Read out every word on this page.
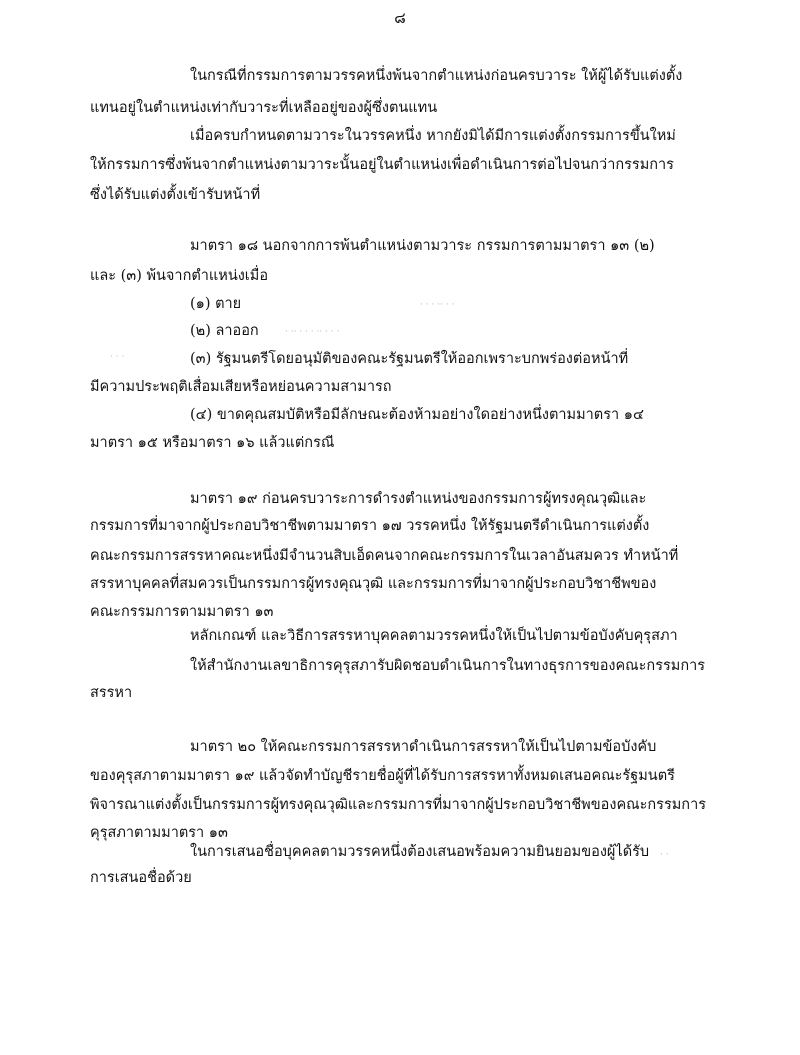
๘
ในกรณีที่กรรมการตามวรรคหนึ่งพ้นจากตำแหน่งก่อนครบวาระ ให้ผู้ได้รับแต่งตั้ง
แทนอยู่ในตำแหน่งเท่ากับวาระที่เหลืออยู่ของผู้ซึ่งตนแทน
เมื่อครบกำหนดตามวาระในวรรคหนึ่ง หากยังมิได้มีการแต่งตั้งกรรมการขึ้นใหม่
ให้กรรมการซึ่งพ้นจากตำแหน่งตามวาระนั้นอยู่ในตำแหน่งเพื่อดำเนินการต่อไปจนกว่ากรรมการ
ซึ่งได้รับแต่งตั้งเข้ารับหน้าที่
มาตรา ๑๘ นอกจากการพ้นตำแหน่งตามวาระ กรรมการตามมาตรา ๑๓ (๒)
และ (๓) พ้นจากตำแหน่งเมื่อ
(๑) ตาย
(๒) ลาออก
(๓) รัฐมนตรีโดยอนุมัติของคณะรัฐมนตรีให้ออกเพราะบกพร่องต่อหน้าที่
มีความประพฤติเสื่อมเสียหรือหย่อนความสามารถ
(๔) ขาดคุณสมบัติหรือมีลักษณะต้องห้ามอย่างใดอย่างหนึ่งตามมาตรา ๑๔
มาตรา ๑๕ หรือมาตรา ๑๖ แล้วแต่กรณี
มาตรา ๑๙ ก่อนครบวาระการดำรงตำแหน่งของกรรมการผู้ทรงคุณวุฒิและ
กรรมการที่มาจากผู้ประกอบวิชาชีพตามมาตรา ๑๗ วรรคหนึ่ง ให้รัฐมนตรีดำเนินการแต่งตั้ง
คณะกรรมการสรรหาคณะหนึ่งมีจำนวนสิบเอ็ดคนจากคณะกรรมการในเวลาอันสมควร ทำหน้าที่
สรรหาบุคคลที่สมควรเป็นกรรมการผู้ทรงคุณวุฒิ และกรรมการที่มาจากผู้ประกอบวิชาชีพของ
คณะกรรมการตามมาตรา ๑๓
หลักเกณฑ์ และวิธีการสรรหาบุคคลตามวรรคหนึ่งให้เป็นไปตามข้อบังคับคุรุสภา
ให้สำนักงานเลขาธิการคุรุสภารับผิดชอบดำเนินการในทางธุรการของคณะกรรมการ
สรรหา
มาตรา ๒๐ ให้คณะกรรมการสรรหาดำเนินการสรรหาให้เป็นไปตามข้อบังคับ
ของคุรุสภาตามมาตรา ๑๙ แล้วจัดทำบัญชีรายชื่อผู้ที่ได้รับการสรรหาทั้งหมดเสนอคณะรัฐมนตรี
พิจารณาแต่งตั้งเป็นกรรมการผู้ทรงคุณวุฒิและกรรมการที่มาจากผู้ประกอบวิชาชีพของคณะกรรมการ
คุรุสภาตามมาตรา ๑๓
ในการเสนอชื่อบุคคลตามวรรคหนึ่งต้องเสนอพร้อมความยินยอมของผู้ได้รับ
การเสนอชื่อด้วย
· · · ·· · ·
· ·· · · · ·· · · ·
· · ·
· ·
